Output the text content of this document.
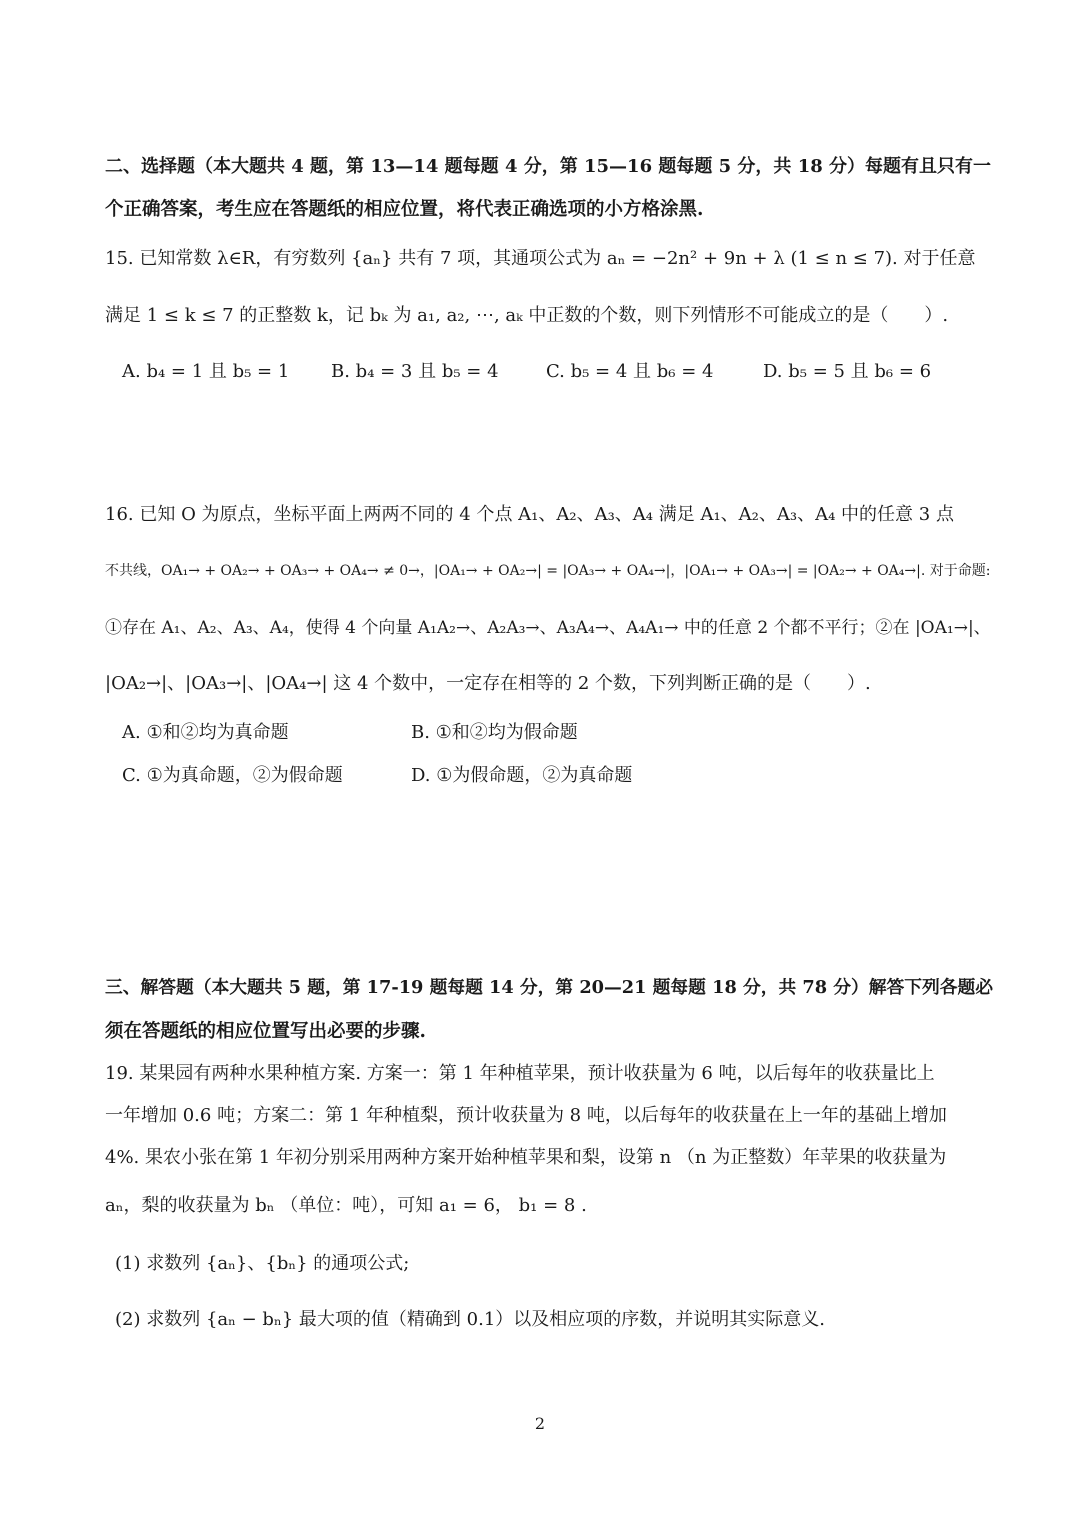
二、选择题（本大题共 4 题，第 13—14 题每题 4 分，第 15—16 题每题 5 分，共 18 分）每题有且只有一
个正确答案，考生应在答题纸的相应位置，将代表正确选项的小方格涂黑.
15. 已知常数 λ∈R，有穷数列 {aₙ} 共有 7 项，其通项公式为 aₙ = −2n² + 9n + λ (1 ≤ n ≤ 7). 对于任意
满足 1 ≤ k ≤ 7 的正整数 k，记 bₖ 为 a₁, a₂, ⋯, aₖ 中正数的个数，则下列情形不可能成立的是（　　）.
A. b₄ = 1 且 b₅ = 1 B. b₄ = 3 且 b₅ = 4	C. b₅ = 4 且 b₆ = 4	D. b₅ = 5 且 b₆ = 6
16. 已知 O 为原点，坐标平面上两两不同的 4 个点 A₁、A₂、A₃、A₄ 满足 A₁、A₂、A₃、A₄ 中的任意 3 点
不共线，OA₁→ + OA₂→ + OA₃→ + OA₄→ ≠ 0→，|OA₁→ + OA₂→| = |OA₃→ + OA₄→|，|OA₁→ + OA₃→| = |OA₂→ + OA₄→|. 对于命题:
①存在 A₁、A₂、A₃、A₄，使得 4 个向量 A₁A₂→、A₂A₃→、A₃A₄→、A₄A₁→ 中的任意 2 个都不平行；②在 |OA₁→|、
|OA₂→|、|OA₃→|、|OA₄→| 这 4 个数中，一定存在相等的 2 个数，下列判断正确的是（　　）.
A. ①和②均为真命题	B. ①和②均为假命题
C. ①为真命题，②为假命题	D. ①为假命题，②为真命题
三、解答题（本大题共 5 题，第 17-19 题每题 14 分，第 20—21 题每题 18 分，共 78 分）解答下列各题必
须在答题纸的相应位置写出必要的步骤.
19. 某果园有两种水果种植方案. 方案一：第 1 年种植苹果，预计收获量为 6 吨，以后每年的收获量比上
一年增加 0.6 吨；方案二：第 1 年种植梨，预计收获量为 8 吨，以后每年的收获量在上一年的基础上增加
4%. 果农小张在第 1 年初分别采用两种方案开始种植苹果和梨，设第 n （n 为正整数）年苹果的收获量为
aₙ，梨的收获量为 bₙ （单位：吨），可知 a₁ = 6， b₁ = 8 .
(1) 求数列 {aₙ}、{bₙ} 的通项公式;
(2) 求数列 {aₙ − bₙ} 最大项的值（精确到 0.1）以及相应项的序数，并说明其实际意义.
2
